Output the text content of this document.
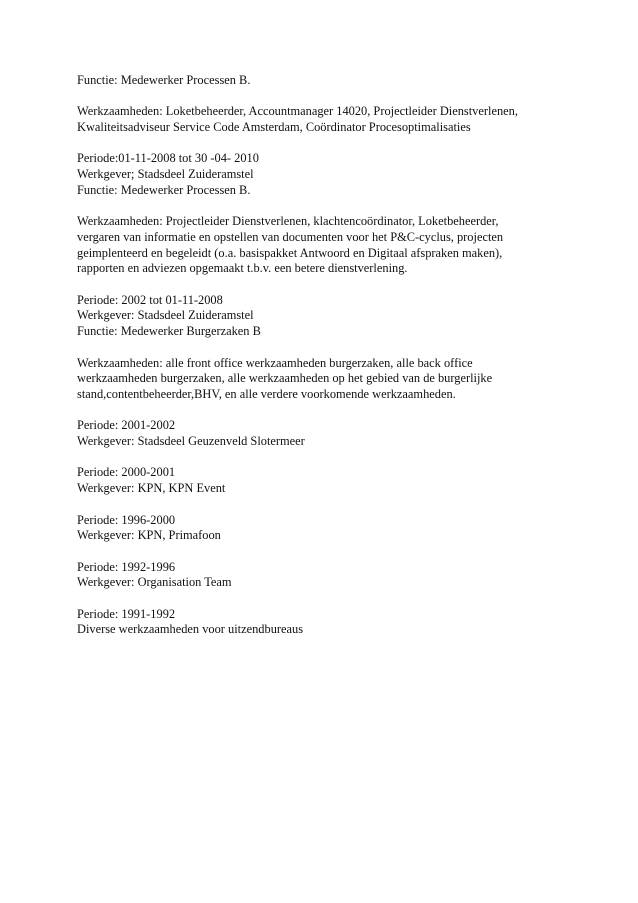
Functie: Medewerker Processen B.

Werkzaamheden: Loketbeheerder, Accountmanager 14020, Projectleider Dienstverlenen,
Kwaliteitsadviseur Service Code Amsterdam, Coördinator Procesoptimalisaties

Periode:01-11-2008 tot 30 -04- 2010
Werkgever; Stadsdeel Zuideramstel
Functie: Medewerker Processen B.

Werkzaamheden: Projectleider Dienstverlenen, klachtencoördinator, Loketbeheerder,
vergaren van informatie en opstellen van documenten voor het P&C-cyclus, projecten
geimplenteerd en begeleidt (o.a. basispakket Antwoord en Digitaal afspraken maken),
rapporten en adviezen opgemaakt t.b.v. een betere dienstverlening.

Periode: 2002 tot 01-11-2008
Werkgever: Stadsdeel Zuideramstel
Functie: Medewerker Burgerzaken B

Werkzaamheden: alle front office werkzaamheden burgerzaken, alle back office
werkzaamheden burgerzaken, alle werkzaamheden op het gebied van de burgerlijke
stand,contentbeheerder,BHV, en alle verdere voorkomende werkzaamheden.

Periode: 2001-2002
Werkgever: Stadsdeel Geuzenveld Slotermeer

Periode: 2000-2001
Werkgever: KPN, KPN Event

Periode: 1996-2000
Werkgever: KPN, Primafoon

Periode: 1992-1996
Werkgever: Organisation Team

Periode: 1991-1992
Diverse werkzaamheden voor uitzendbureaus
